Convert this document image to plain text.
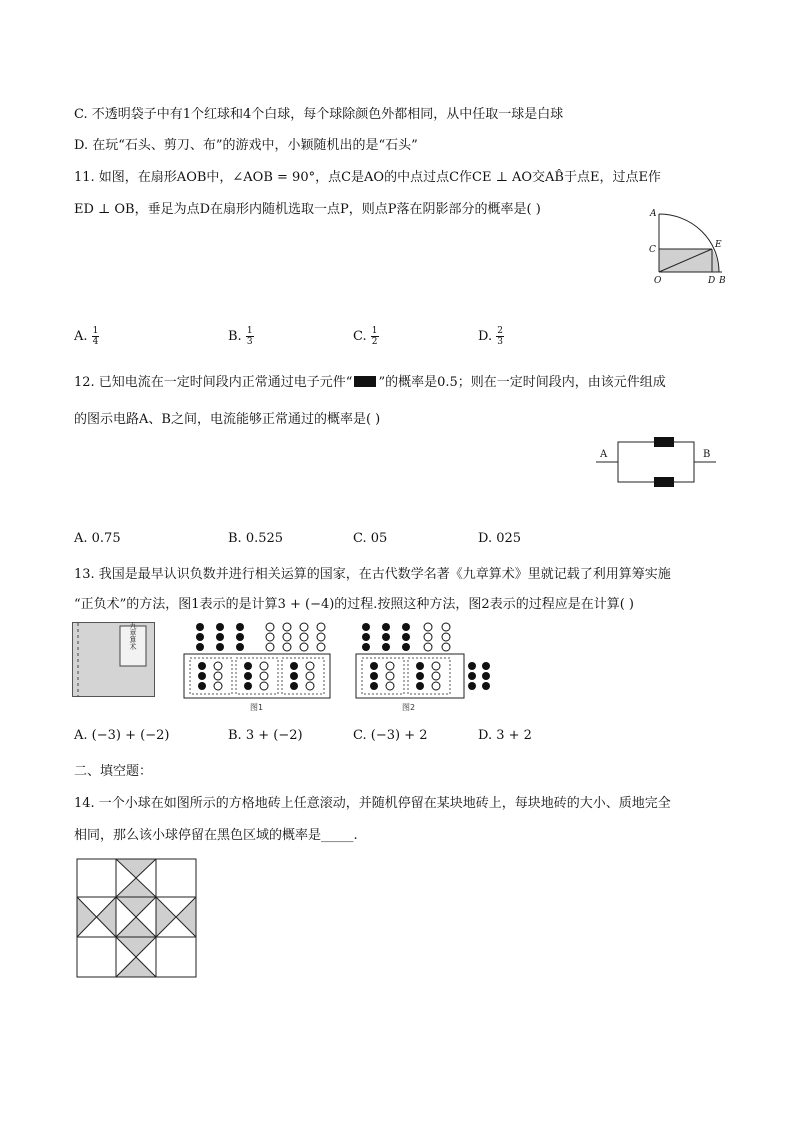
C. 不透明袋子中有1个红球和4个白球，每个球除颜色外都相同，从中任取一球是白球
D. 在玩“石头、剪刀、布”的游戏中，小颖随机出的是“石头”
11. 如图，在扇形AOB中，∠AOB = 90°，点C是AO的中点过点C作CE ⊥ AO交AB̂于点E，过点E作
ED ⊥ OB，垂足为点D在扇形内随机选取一点P，则点P落在阴影部分的概率是( )	A
C
O
E
D B
A. $\frac{1}{4}$	B. $\frac{1}{3}$	C. $\frac{1}{2}$	D. $\frac{2}{3}$
12. 已知电流在一定时间段内正常通过电子元件“ ”的概率是0.5；则在一定时间段内，由该元件组成
的图示电路A、B之间，电流能够正常通过的概率是( )
A	B
A. 0.75	B. 0.525	C. 05	D. 025
13. 我国是最早认识负数并进行相关运算的国家，在古代数学名著《九章算术》里就记载了利用算筹实施
“正负术”的方法，图1表示的是计算3 + (−4)的过程.按照这种方法，图2表示的过程应是在计算( )
九章算术
图1	图2
A. (−3) + (−2)	B. 3 + (−2)	C. (−3) + 2	D. 3 + 2
二、填空题：
14. 一个小球在如图所示的方格地砖上任意滚动，并随机停留在某块地砖上，每块地砖的大小、质地完全
相同，那么该小球停留在黑色区域的概率是_____.
